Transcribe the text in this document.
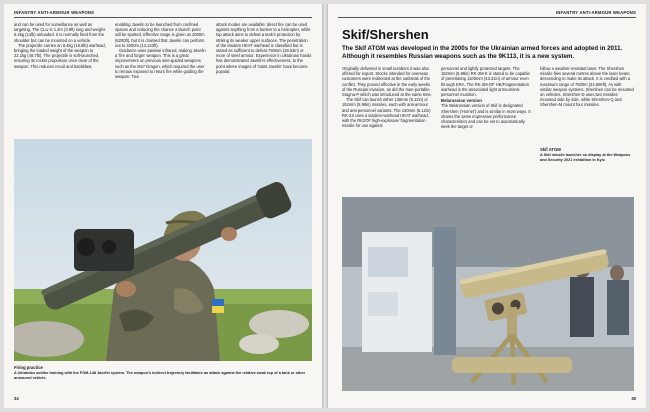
INFANTRY ANTI-ARMOUR WEAPONS

and can be used for surveillance as well as targeting. The CLU is 1.2m (3.9ft) long and weighs 6.4kg (14lb) unloaded. It is normally fired from the shoulder but can be mounted on a vehicle.

The projectile carries an 8.4kg (18.5lb) warhead, bringing the loaded weight of the weapon to 22.1kg (48.7lb). The projectile is soft-launched, ensuring its rocket propulsion once clear of the weapon. This reduces recoil and backblast,

enabling Javelin to be launched from confined spaces and reducing the chance a launch point will be spotted. Effective range is given as 2000m (6200ft), but it is claimed that Javelin can perform out to 4000m (13,123ft).

Guidance uses passive infrared, making Javelin a 'fire and forget' weapon. This is a great improvement on previous wire-guided weapons such as the M47 Dragon, which required the user to remain exposed to return fire while guiding the weapon. Two

attack modes are available; direct fire can be used against anything from a bunker to a helicopter, while top attack aims to defeat a tank's protection by striking its weaker upper surfaces. The penetration of the tandem HEAT warhead is classified but is stated as sufficient to defeat 750mm (29.53in) or more of steel armour. Experience in Ukrainian hands has demonstrated Javelin's effectiveness, to the point where images of 'Saint Javelin' have become popular.

Firing practice
A Ukrainian soldier training with the FGM-148 Javelin system. The weapon's indirect trajectory facilitates an attack against the relative weak top of a tank or other armoured vehicle.
34
INFANTRY ANTI-ARMOUR WEAPONS
Skif/Shershen
The Skif ATGM was developed in the 2000s for the Ukrainian armed forces and adopted in 2011. Although it resembles Russian weapons such as the 9K113, it is a new system.

Originally delivered in small numbers it was also offered for export. Stocks intended for overseas customers were redirected at the outbreak of the conflict. They proved effective in the early weeks of the Russian invasion, as did the man-portable Stugna-P which was introduced at the same time.

The Skif can launch either 130mm (5.12in) or 152mm (5.98in) missiles, each with anti-armour and anti-personnel variants. The 130mm (5.12in) RK-2S uses a tandem-warhead HEAT warhead, with the RK2OF high-explosive/ fragmentation missile for use against

personnel and lightly protected targets. The 152mm (5.98in) RK-2M-K is stated to be capable of penetrating 1100mm (43.31in) of armour even through ERA. The RK-2M-OF HE/Fragmentation warhead is the associated light armour/anti-personnel munition.

Belarussian version

The Belarussian version of Skif is designated Shershen ('Hornet') and is similar in most ways. It shares the same impressive performance characteristics and can be set to automatically seek the target or

follow a weather-resistant laser. The Shershen missile flies several metres above the laser beam, descending to make its attack. It is credited with a maximum range of 7500m (24,606ft). As with similar weapon systems, Shershen can be mounted on vehicles. Shershen-D uses two missiles mounted side by side, while Shershen-Q and Shershen-M mount four missiles.

Skif ATGM
A Skif missile launcher on display at the Weapons and Security 2021 exhibition in Kyiv.
35
